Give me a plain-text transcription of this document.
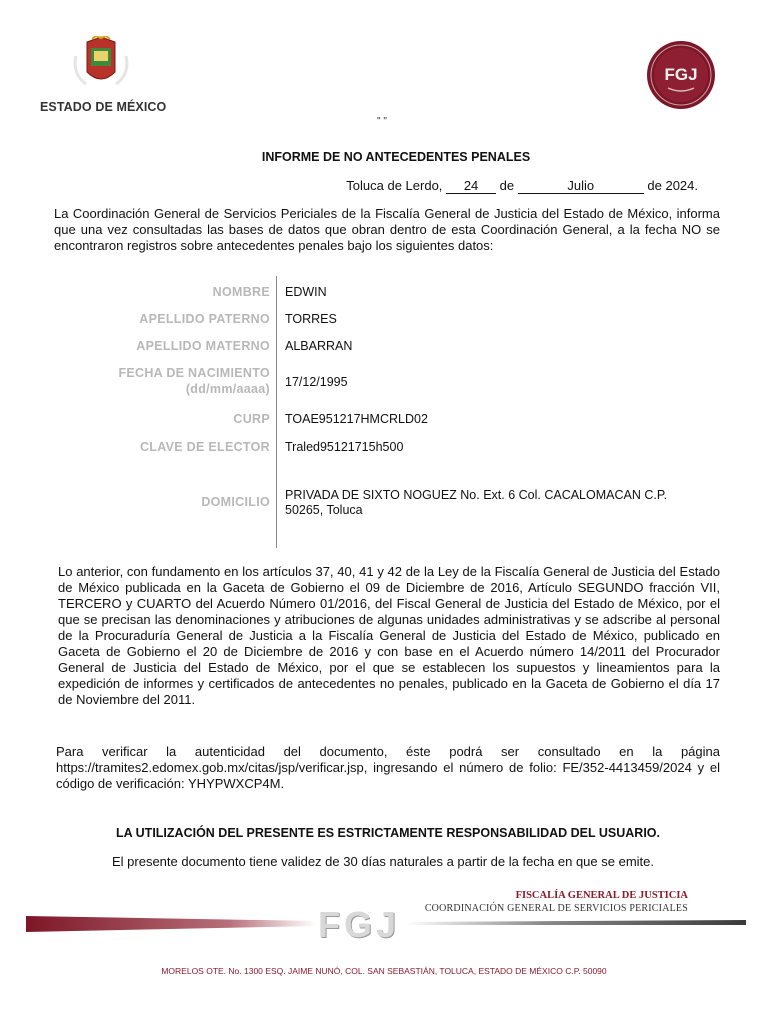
ESTADO DE MÉXICO
FGJ
" "
INFORME DE NO ANTECEDENTES PENALES
Toluca de Lerdo, 24 de	Julio	de 2024.
La Coordinación General de Servicios Periciales de la Fiscalía General de Justicia del Estado de México, informa que una vez consultadas las bases de datos que obran dentro de esta Coordinación General, a la fecha NO se encontraron registros sobre antecedentes penales bajo los siguientes datos:
NOMBRE EDWIN
APELLIDO PATERNO TORRES
APELLIDO MATERNO ALBARRAN
FECHA DE NACIMIENTO
(dd/mm/aaaa) 17/12/1995
CURP TOAE951217HMCRLD02
CLAVE DE ELECTOR Traled95121715h500
DOMICILIO PRIVADA DE SIXTO NOGUEZ No. Ext. 6 Col. CACALOMACAN C.P.
50265, Toluca
Lo anterior, con fundamento en los artículos 37, 40, 41 y 42 de la Ley de la Fiscalía General de Justicia del Estado de México publicada en la Gaceta de Gobierno el 09 de Diciembre de 2016, Artículo SEGUNDO fracción VII, TERCERO y CUARTO del Acuerdo Número 01/2016, del Fiscal General de Justicia del Estado de México, por el que se precisan las denominaciones y atribuciones de algunas unidades administrativas y se adscribe al personal de la Procuraduría General de Justicia a la Fiscalía General de Justicia del Estado de México, publicado en Gaceta de Gobierno el 20 de Diciembre de 2016 y con base en el Acuerdo número 14/2011 del Procurador General de Justicia del Estado de México, por el que se establecen los supuestos y lineamientos para la expedición de informes y certificados de antecedentes no penales, publicado en la Gaceta de Gobierno el día 17 de Noviembre del 2011.
Para verificar la autenticidad del documento, éste podrá ser consultado en la página https://tramites2.edomex.gob.mx/citas/jsp/verificar.jsp, ingresando el número de folio: FE/352-4413459/2024 y el código de verificación: YHYPWXCP4M.
LA UTILIZACIÓN DEL PRESENTE ES ESTRICTAMENTE RESPONSABILIDAD DEL USUARIO.
El presente documento tiene validez de 30 días naturales a partir de la fecha en que se emite.
FGJ
FISCALÍA GENERAL DE JUSTICIA
COORDINACIÓN GENERAL DE SERVICIOS PERICIALES
MORELOS OTE. No. 1300 ESQ. JAIME NUNÓ, COL. SAN SEBASTIÁN, TOLUCA, ESTADO DE MÉXICO C.P. 50090
